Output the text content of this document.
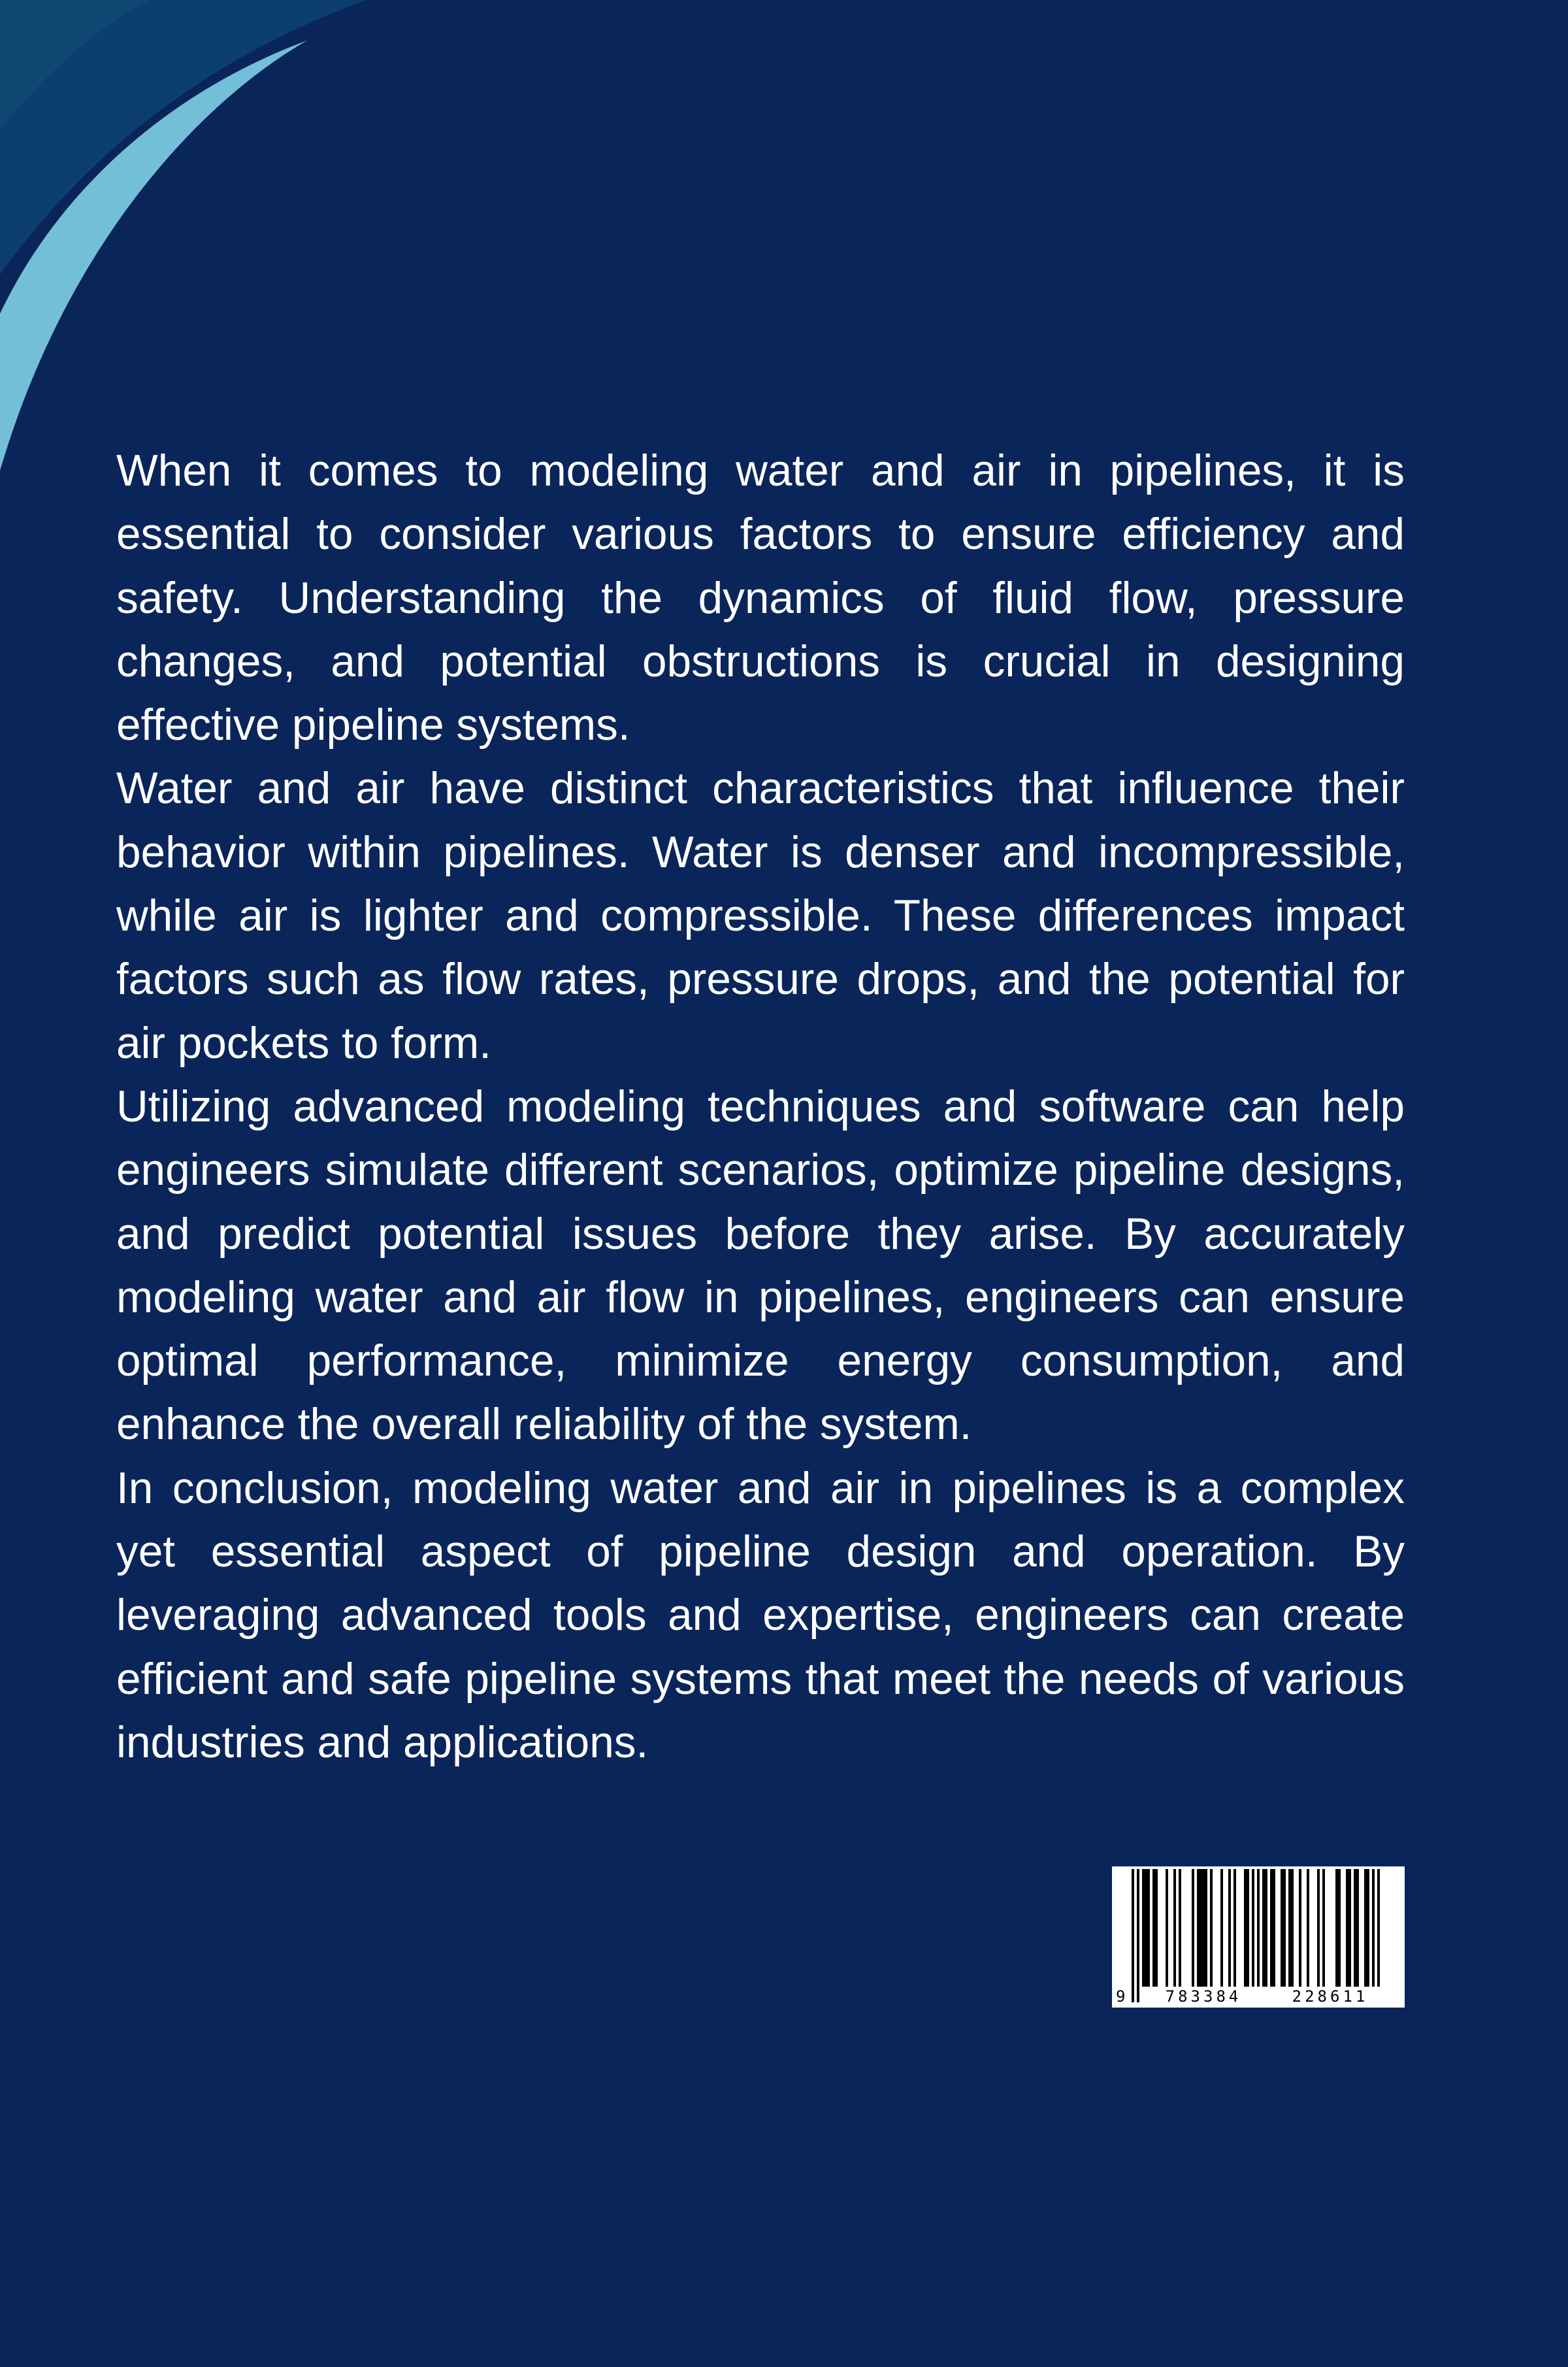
When it comes to modeling water and air in pipelines, it is essential to consider various factors to ensure efficiency and safety. Understanding the dynamics of fluid flow, pressure changes, and potential obstructions is crucial in designing effective pipeline systems.

Water and air have distinct characteristics that influence their behavior within pipelines. Water is denser and incompressible, while air is lighter and compressible. These differences impact factors such as flow rates, pressure drops, and the potential for air pockets to form.

Utilizing advanced modeling techniques and software can help engineers simulate different scenarios, optimize pipeline designs, and predict potential issues before they arise. By accurately modeling water and air flow in pipelines, engineers can ensure optimal performance, minimize energy consumption, and enhance the overall reliability of the system.

In conclusion, modeling water and air in pipelines is a complex yet essential aspect of pipeline design and operation. By leveraging advanced tools and expertise, engineers can create efficient and safe pipeline systems that meet the needs of various industries and applications.

9	783384	228611
